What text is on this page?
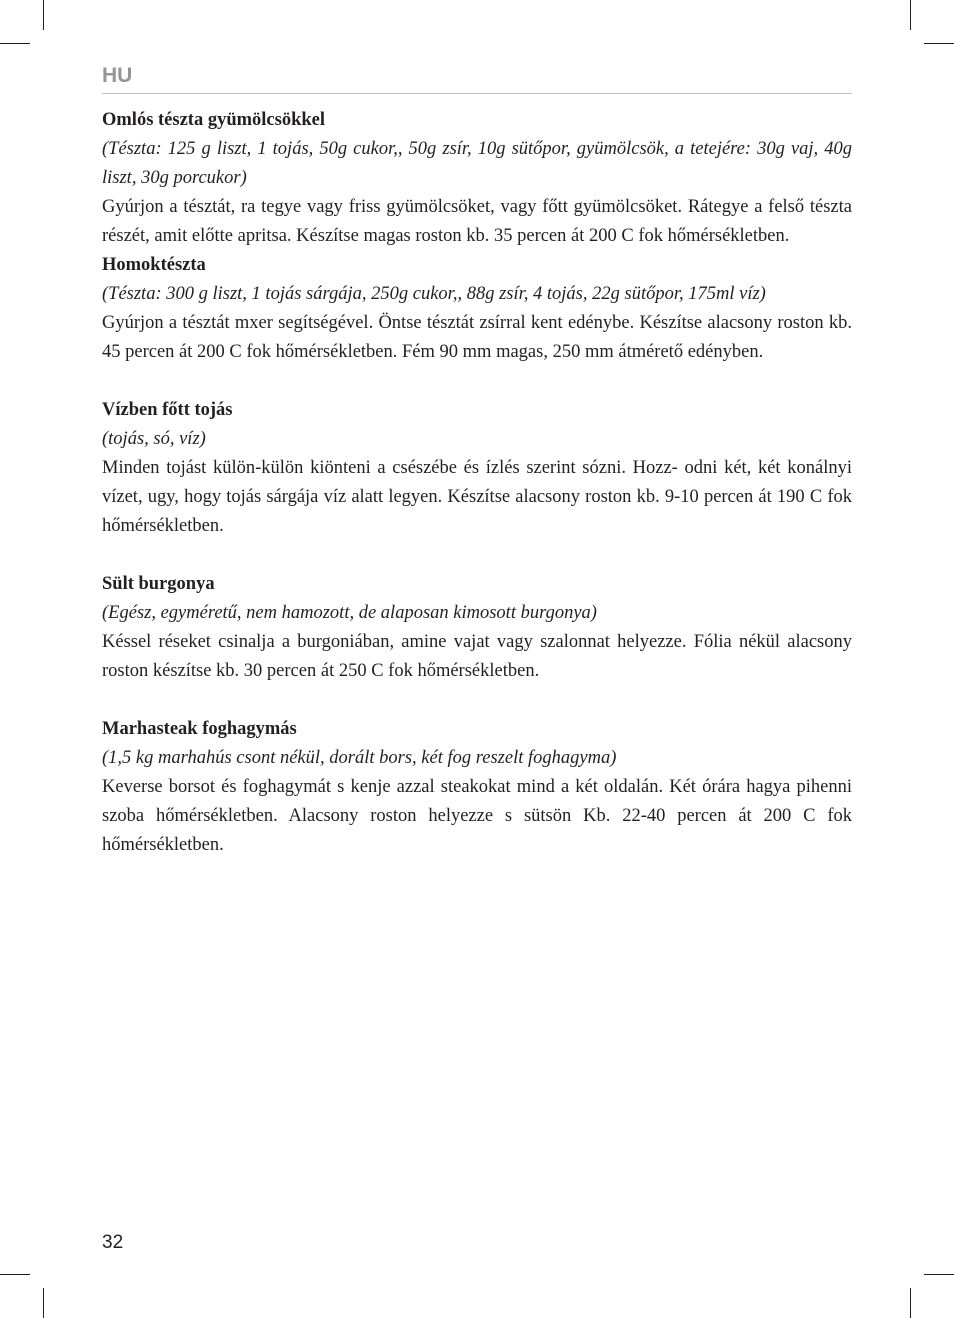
HU

Omlós tészta gyümölcsökkel

(Tészta: 125 g liszt, 1 tojás, 50g cukor,, 50g zsír, 10g sütőpor, gyümölcsök, a tetejére: 30g vaj, 40g liszt, 30g porcukor)

Gyúrjon a tésztát, ra tegye vagy friss gyümölcsöket, vagy főtt gyümölcsöket. Rátegye a felső tészta részét, amit előtte apritsa. Készítse magas roston kb. 35 percen át 200 C fok hőmérsékletben.

Homoktészta

(Tészta: 300 g liszt, 1 tojás sárgája, 250g cukor,, 88g zsír, 4 tojás, 22g sütőpor, 175ml víz)

Gyúrjon a tésztát mxer segítségével. Öntse tésztát zsírral kent edénybe. Készítse alacsony roston kb. 45 percen át 200 C fok hőmérsékletben. Fém 90 mm magas, 250 mm átmérető edényben.

Vízben főtt tojás

(tojás, só, víz)

Minden tojást külön-külön kiönteni a csészébe és ízlés szerint sózni. Hozz- odni két, két konálnyi vízet, ugy, hogy tojás sárgája víz alatt legyen. Készítse alacsony roston kb. 9-10 percen át 190 C fok hőmérsékletben.

Sült burgonya

(Egész, egyméretű, nem hamozott, de alaposan kimosott burgonya)

Késsel réseket csinalja a burgoniában, amine vajat vagy szalonnat helyezze. Fólia nékül alacsony roston készítse kb. 30 percen át 250 C fok hőmérsékletben.

Marhasteak foghagymás

(1,5 kg marhahús csont nékül, dorált bors, két fog reszelt foghagyma)

Keverse borsot és foghagymát s kenje azzal steakokat mind a két oldalán. Két órára hagya pihenni szoba hőmérsékletben. Alacsony roston helyezze s sütsön Kb. 22-40 percen át 200 C fok hőmérsékletben.

32
